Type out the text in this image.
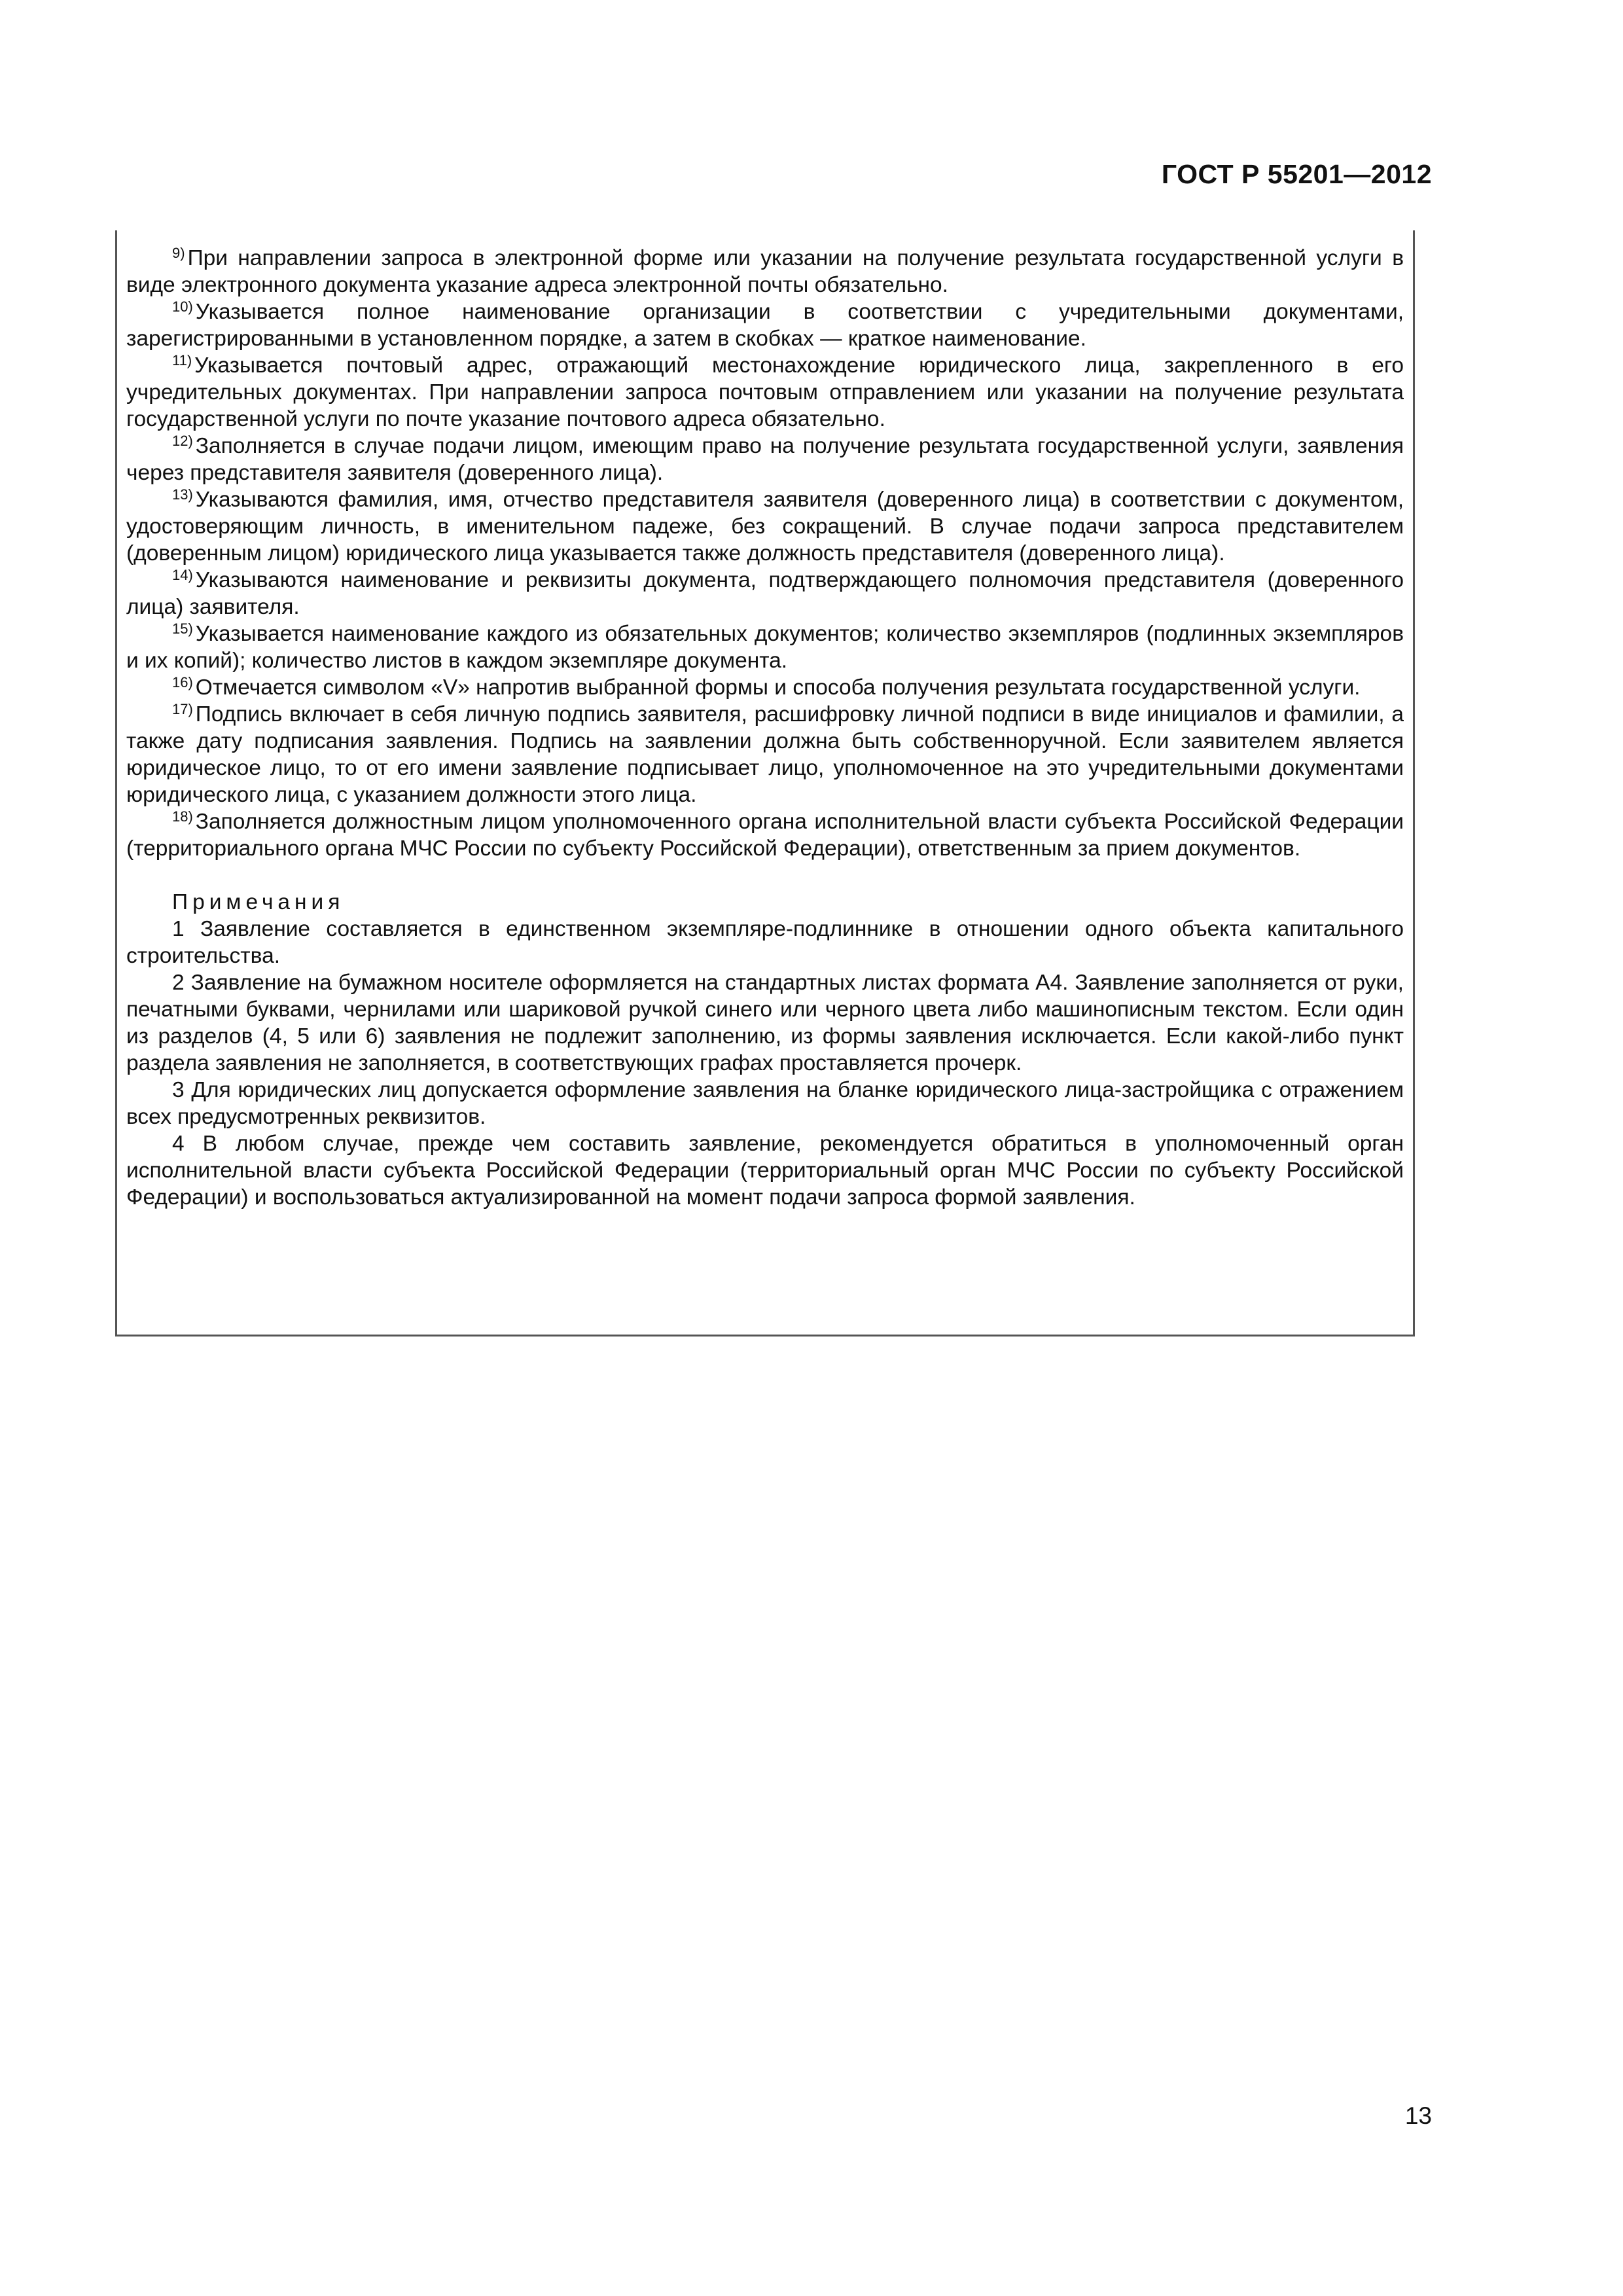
ГОСТ Р 55201—2012

$^{9)}$ При направлении запроса в электронной форме или указании на получение результата государственной услуги в виде электронного документа указание адреса электронной почты обязательно.

$^{10)}$ Указывается полное наименование организации в соответствии с учредительными документами, зарегистрированными в установленном порядке, а затем в скобках — краткое наименование.

$^{11)}$ Указывается почтовый адрес, отражающий местонахождение юридического лица, закрепленного в его учредительных документах. При направлении запроса почтовым отправлением или указании на получение результата государственной услуги по почте указание почтового адреса обязательно.

$^{12)}$ Заполняется в случае подачи лицом, имеющим право на получение результата государственной услуги, заявления через представителя заявителя (доверенного лица).

$^{13)}$ Указываются фамилия, имя, отчество представителя заявителя (доверенного лица) в соответствии с документом, удостоверяющим личность, в именительном падеже, без сокращений. В случае подачи запроса представителем (доверенным лицом) юридического лица указывается также должность представителя (доверенного лица).

$^{14)}$ Указываются наименование и реквизиты документа, подтверждающего полномочия представителя (доверенного лица) заявителя.

$^{15)}$ Указывается наименование каждого из обязательных документов; количество экземпляров (подлинных экземпляров и их копий); количество листов в каждом экземпляре документа.

$^{16)}$ Отмечается символом «V» напротив выбранной формы и способа получения результата государственной услуги.

$^{17)}$ Подпись включает в себя личную подпись заявителя, расшифровку личной подписи в виде инициалов и фамилии, а также дату подписания заявления. Подпись на заявлении должна быть собственноручной. Если заявителем является юридическое лицо, то от его имени заявление подписывает лицо, уполномоченное на это учредительными документами юридического лица, с указанием должности этого лица.

$^{18)}$ Заполняется должностным лицом уполномоченного органа исполнительной власти субъекта Российской Федерации (территориального органа МЧС России по субъекту Российской Федерации), ответственным за прием документов.

Примечания

1 Заявление составляется в единственном экземпляре-подлиннике в отношении одного объекта капитального строительства.

2 Заявление на бумажном носителе оформляется на стандартных листах формата А4. Заявление заполняется от руки, печатными буквами, чернилами или шариковой ручкой синего или черного цвета либо машинописным текстом. Если один из разделов (4, 5 или 6) заявления не подлежит заполнению, из формы заявления исключается. Если какой-либо пункт раздела заявления не заполняется, в соответствующих графах проставляется прочерк.

3 Для юридических лиц допускается оформление заявления на бланке юридического лица-застройщика с отражением всех предусмотренных реквизитов.

4 В любом случае, прежде чем составить заявление, рекомендуется обратиться в уполномоченный орган исполнительной власти субъекта Российской Федерации (территориальный орган МЧС России по субъекту Российской Федерации) и воспользоваться актуализированной на момент подачи запроса формой заявления.

13
